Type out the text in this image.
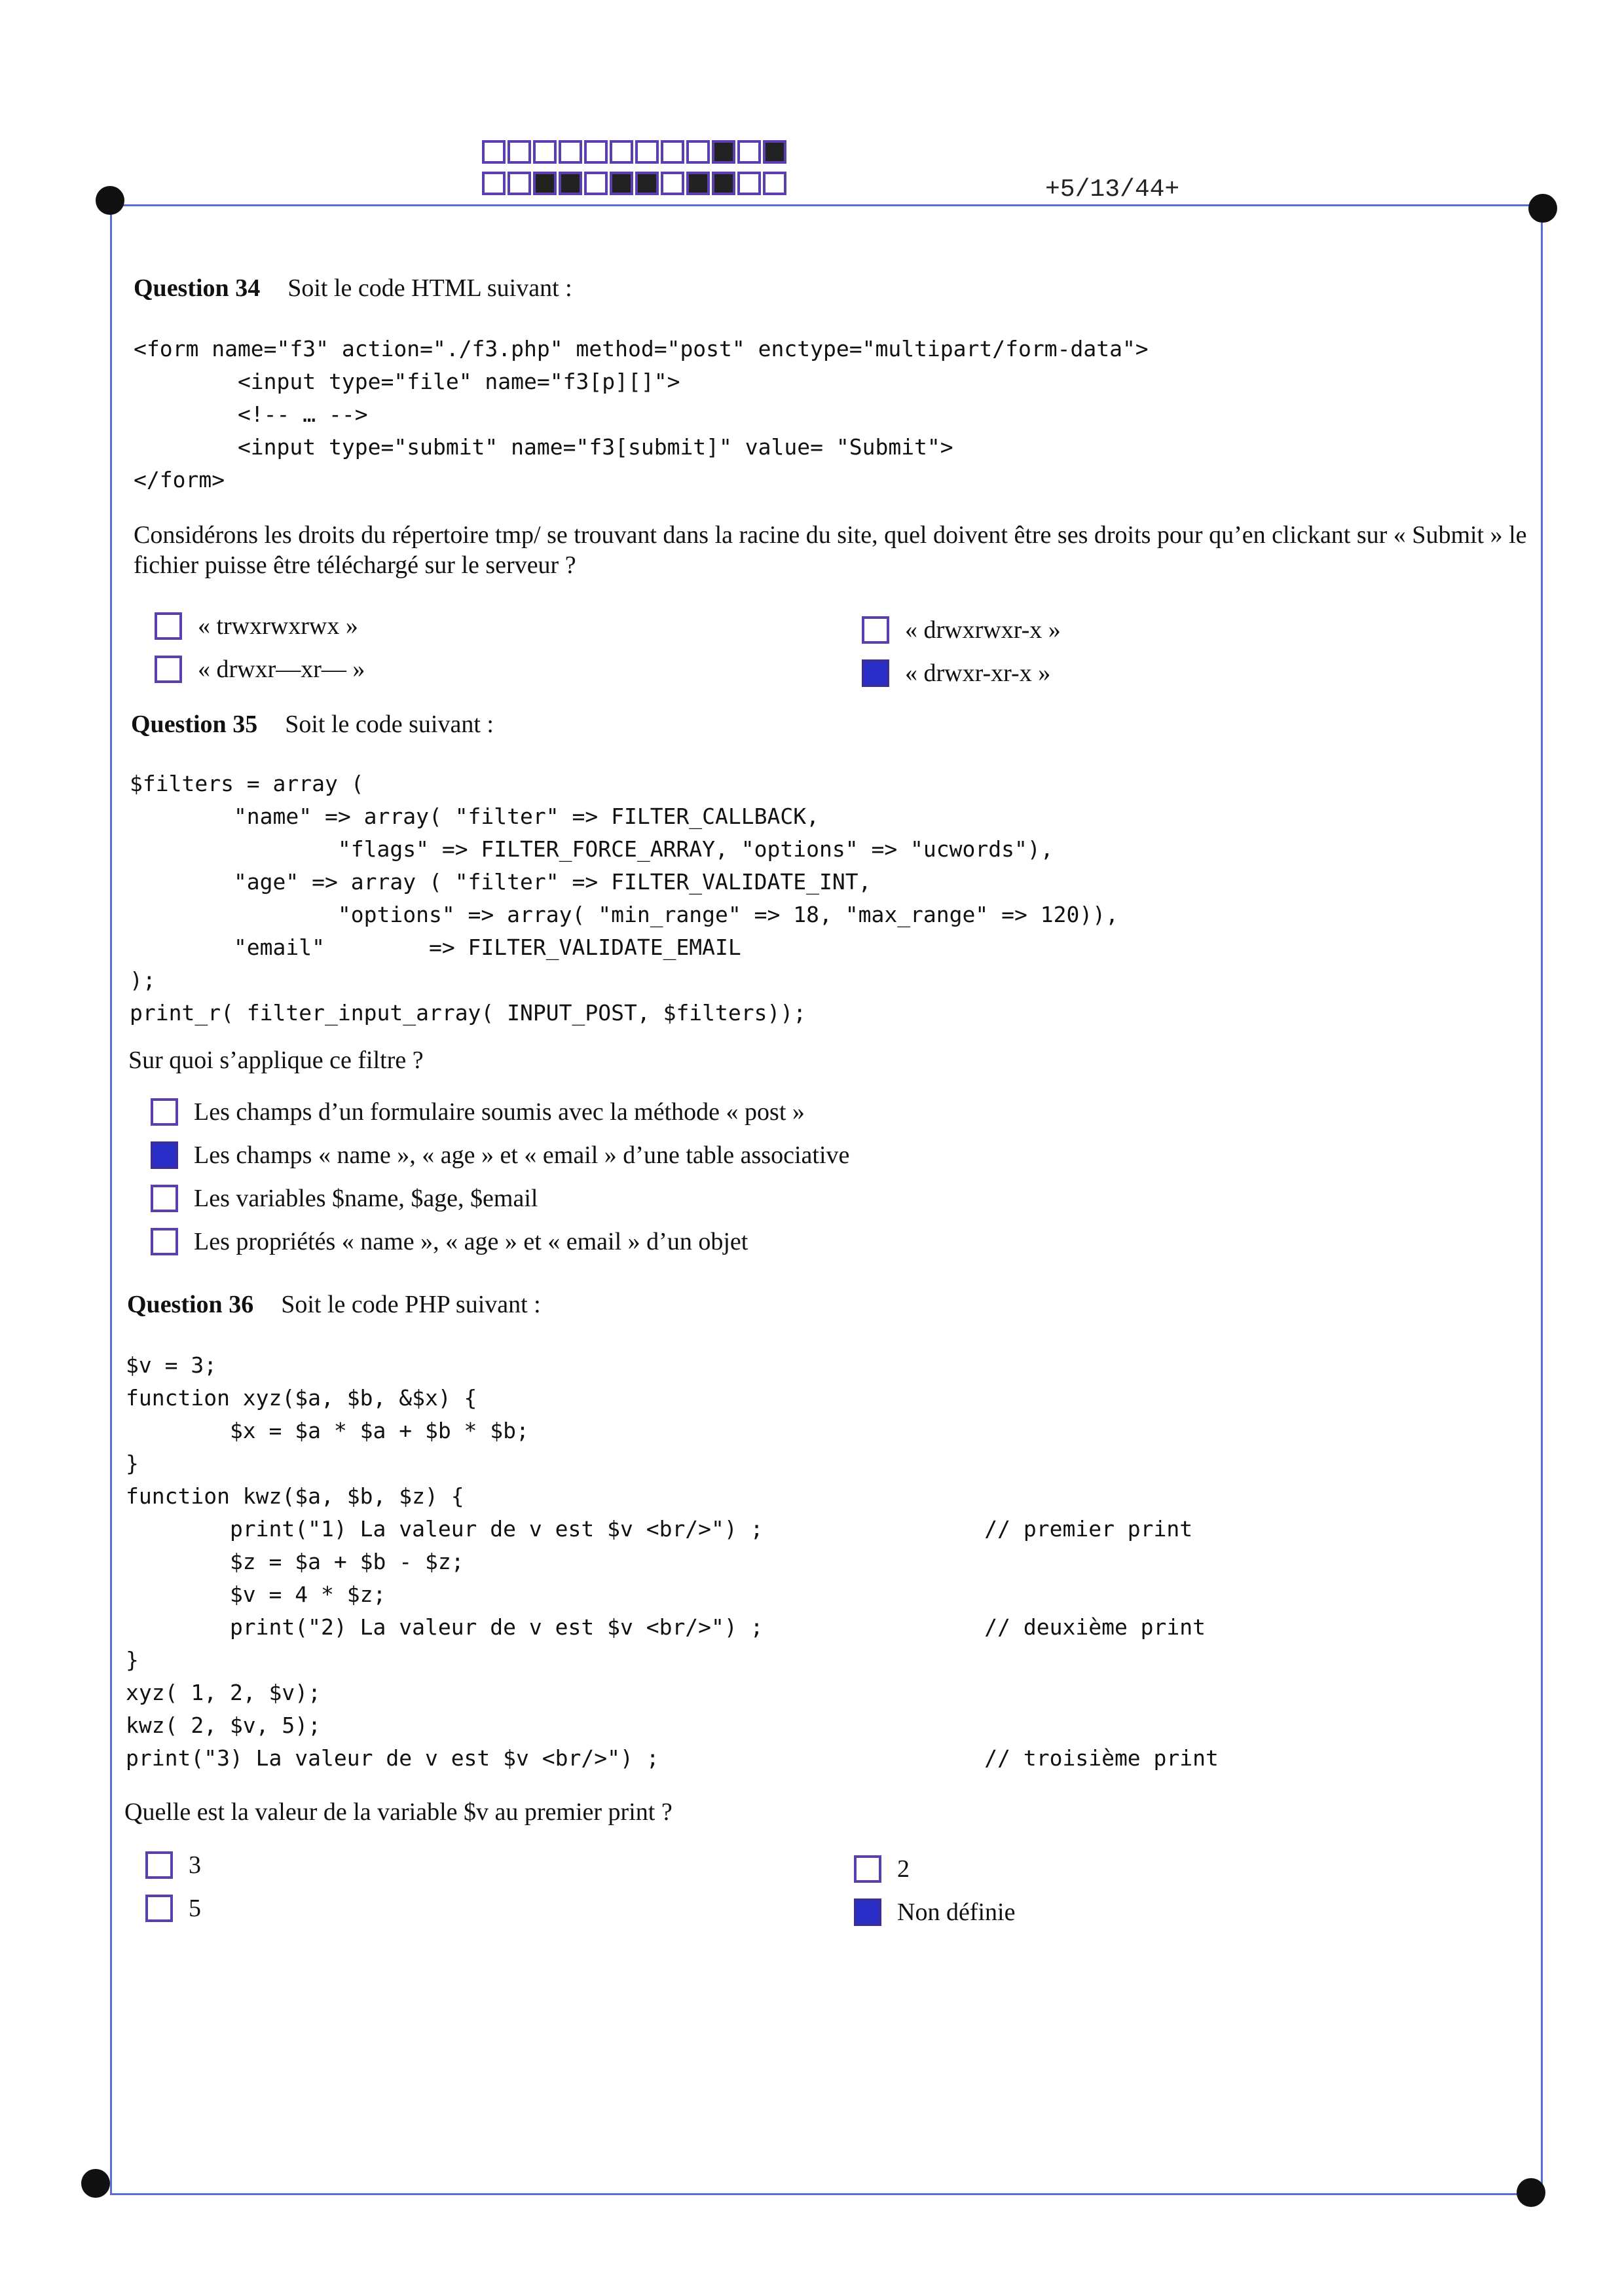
+5/13/44+
Question 34 Soit le code HTML suivant :
<form name="f3" action="./f3.php" method="post" enctype="multipart/form-data">
<input type="file" name="f3[p][]">
<!-- … -->
<input type="submit" name="f3[submit]" value= "Submit">
</form>
Considérons les droits du répertoire tmp/ se trouvant dans la racine du site, quel doivent être ses droits pour qu’en clickant sur « Submit » le fichier puisse être téléchargé sur le serveur ?
« trwxrwxrwx »
« drwxr—xr— »
« drwxrwxr-x »
« drwxr-xr-x »
Question 35 Soit le code suivant :
$filters = array (
"name" => array( "filter" => FILTER_CALLBACK,
"flags" => FILTER_FORCE_ARRAY, "options" => "ucwords"),
"age" => array ( "filter" => FILTER_VALIDATE_INT,
"options" => array( "min_range" => 18, "max_range" => 120)),
"email"        => FILTER_VALIDATE_EMAIL
);
print_r( filter_input_array( INPUT_POST, $filters));
Sur quoi s’applique ce filtre ?
Les champs d’un formulaire soumis avec la méthode « post »
Les champs « name », « age » et « email » d’une table associative
Les variables $name, $age, $email
Les propriétés « name », « age » et « email » d’un objet
Question 36 Soit le code PHP suivant :
$v = 3;
function xyz($a, $b, &$x) {
$x = $a * $a + $b * $b;
}
function kwz($a, $b, $z) {
print("1) La valeur de v est $v <br/>") ;                 // premier print
$z = $a + $b - $z;
$v = 4 * $z;
print("2) La valeur de v est $v <br/>") ;                 // deuxième print
}
xyz( 1, 2, $v);
kwz( 2, $v, 5);
print("3) La valeur de v est $v <br/>") ;                         // troisième print
Quelle est la valeur de la variable $v au premier print ?
3
5
2
Non définie
